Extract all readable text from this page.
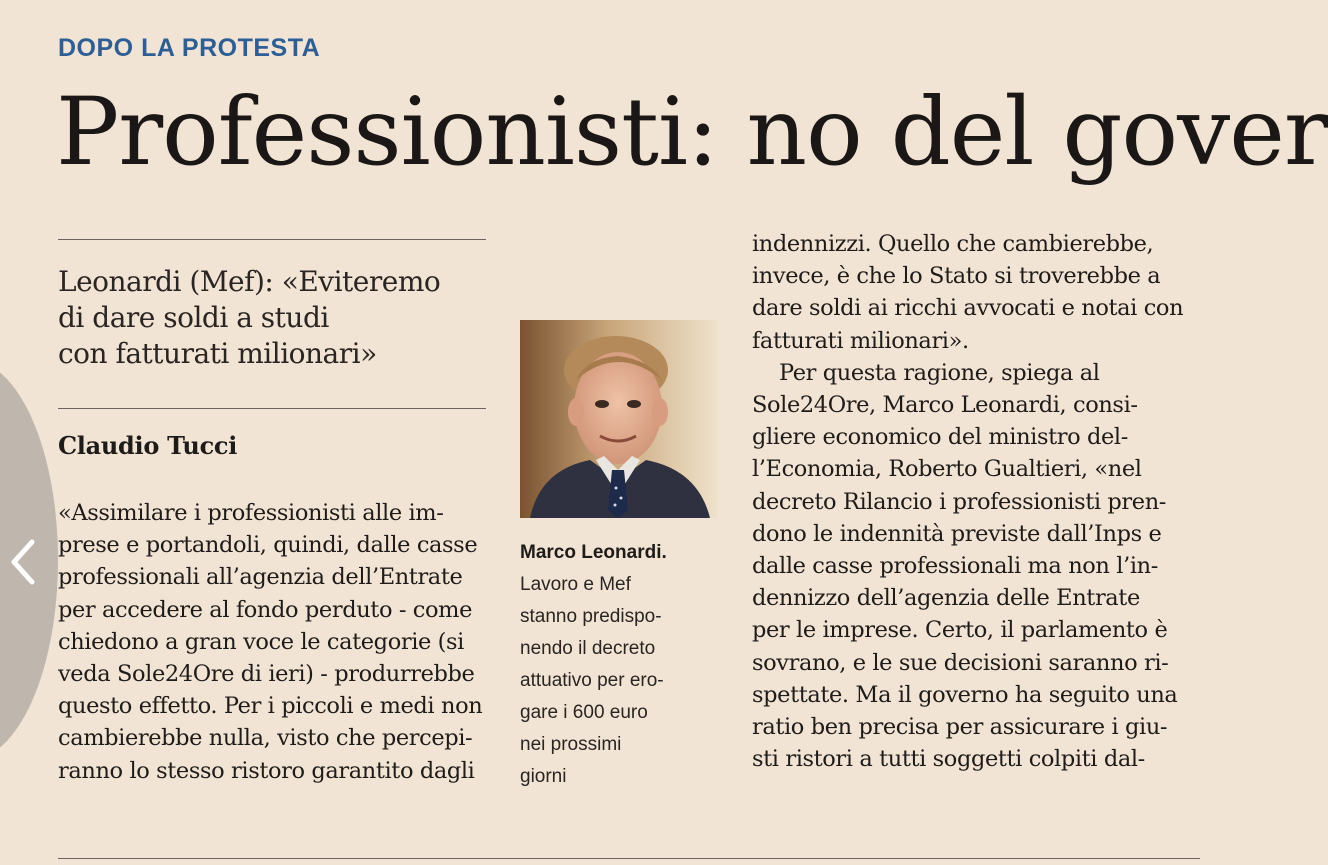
DOPO LA PROTESTA
Professionisti: no del gover
Leonardi (Mef): «Eviteremo
di dare soldi a studi
con fatturati milionari»
Claudio Tucci
«Assimilare i professionisti alle im-
prese e portandoli, quindi, dalle casse
professionali all’agenzia dell’Entrate
per accedere al fondo perduto - come
chiedono a gran voce le categorie (si
veda Sole24Ore di ieri) - produrrebbe
questo effetto. Per i piccoli e medi non
cambierebbe nulla, visto che percepi-
ranno lo stesso ristoro garantito dagli
Marco Leonardi.
Lavoro e Mef
stanno predispo-
nendo il decreto
attuativo per ero-
gare i 600 euro
nei prossimi
giorni
indennizzi. Quello che cambierebbe,
invece, è che lo Stato si troverebbe a
dare soldi ai ricchi avvocati e notai con
fatturati milionari».
Per questa ragione, spiega al
Sole24Ore, Marco Leonardi, consi-
gliere economico del ministro del-
l’Economia, Roberto Gualtieri, «nel
decreto Rilancio i professionisti pren-
dono le indennità previste dall’Inps e
dalle casse professionali ma non l’in-
dennizzo dell’agenzia delle Entrate
per le imprese. Certo, il parlamento è
sovrano, e le sue decisioni saranno ri-
spettate. Ma il governo ha seguito una
ratio ben precisa per assicurare i giu-
sti ristori a tutti soggetti colpiti dal-
